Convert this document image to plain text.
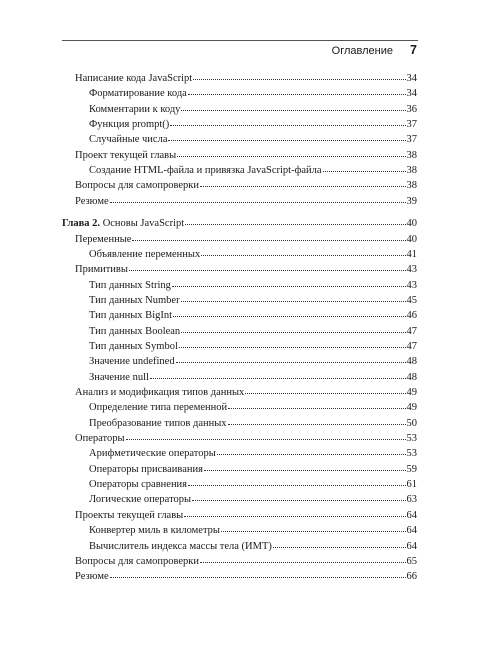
Оглавление 7
Написание кода JavaScript	34
Форматирование кода	34
Комментарии к коду	36
Функция prompt()	37
Случайные числа	37
Проект текущей главы	38
Создание HTML-файла и привязка JavaScript-файла	38
Вопросы для самопроверки	38
Резюме	39
Глава 2. Основы JavaScript	40
Переменные	40
Объявление переменных	41
Примитивы	43
Тип данных String	43
Тип данных Number	45
Тип данных BigInt	46
Тип данных Boolean	47
Тип данных Symbol	47
Значение undefined	48
Значение null	48
Анализ и модификация типов данных	49
Определение типа переменной	49
Преобразование типов данных	50
Операторы	53
Арифметические операторы	53
Операторы присваивания	59
Операторы сравнения	61
Логические операторы	63
Проекты текущей главы	64
Конвертер миль в километры	64
Вычислитель индекса массы тела (ИМТ)	64
Вопросы для самопроверки	65
Резюме	66
